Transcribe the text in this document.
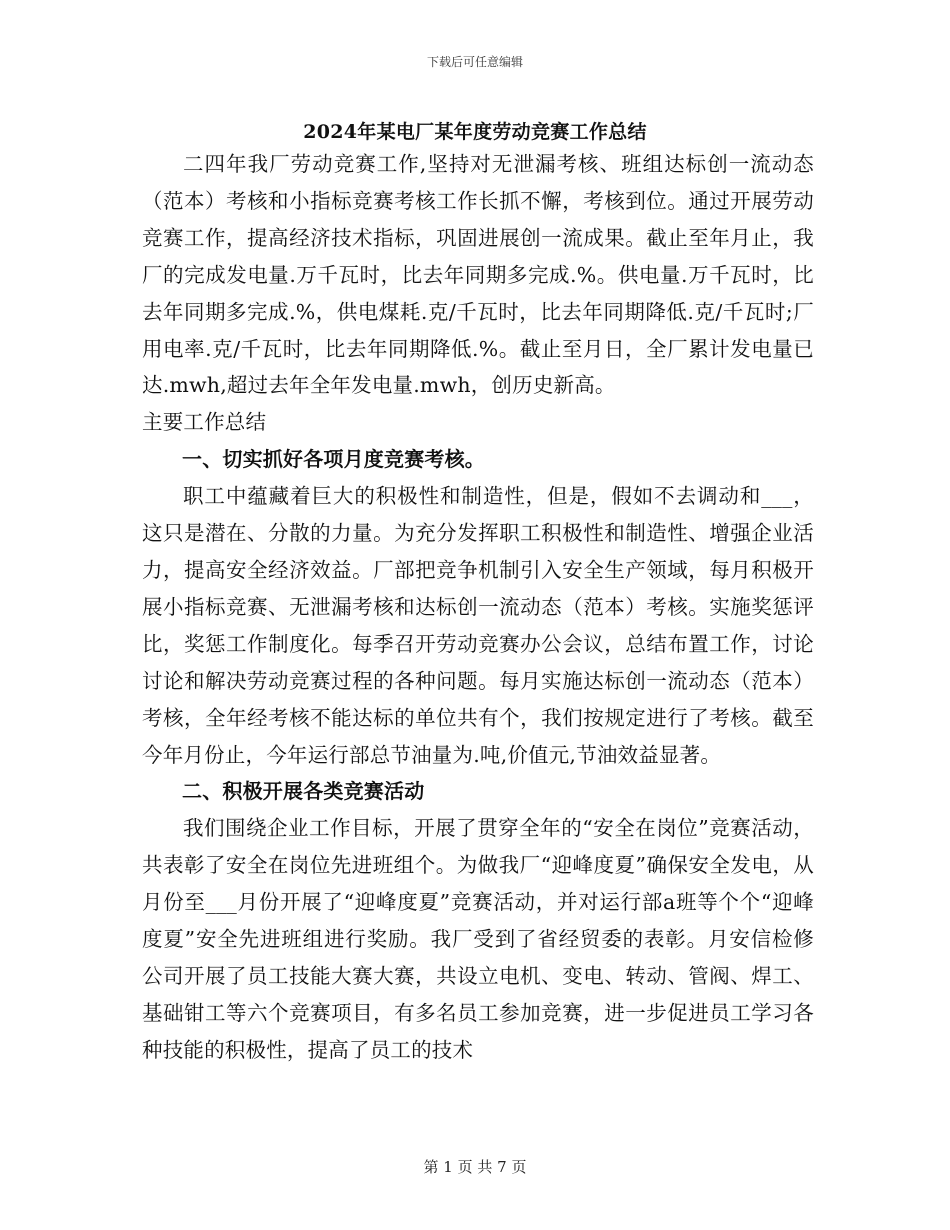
下载后可任意编辑
2024年某电厂某年度劳动竞赛工作总结

二四年我厂劳动竞赛工作,坚持对无泄漏考核、班组达标创一流动态（范本）考核和小指标竞赛考核工作长抓不懈，考核到位。通过开展劳动竞赛工作，提高经济技术指标，巩固进展创一流成果。截止至年月止，我厂的完成发电量.万千瓦时，比去年同期多完成.%。供电量.万千瓦时，比去年同期多完成.%，供电煤耗.克/千瓦时，比去年同期降低.克/千瓦时;厂用电率.克/千瓦时，比去年同期降低.%。截止至月日，全厂累计发电量已达.mwh,超过去年全年发电量.mwh，创历史新高。

主要工作总结

一、切实抓好各项月度竞赛考核。

职工中蕴藏着巨大的积极性和制造性，但是，假如不去调动和___，这只是潜在、分散的力量。为充分发挥职工积极性和制造性、增强企业活力，提高安全经济效益。厂部把竞争机制引入安全生产领域，每月积极开展小指标竞赛、无泄漏考核和达标创一流动态（范本）考核。实施奖惩评比，奖惩工作制度化。每季召开劳动竞赛办公会议，总结布置工作，讨论讨论和解决劳动竞赛过程的各种问题。每月实施达标创一流动态（范本）考核，全年经考核不能达标的单位共有个，我们按规定进行了考核。截至今年月份止，今年运行部总节油量为.吨,价值元,节油效益显著。

二、积极开展各类竞赛活动

我们围绕企业工作目标，开展了贯穿全年的“安全在岗位”竞赛活动，共表彰了安全在岗位先进班组个。为做我厂“迎峰度夏”确保安全发电，从月份至___月份开展了“迎峰度夏”竞赛活动，并对运行部a班等个个“迎峰度夏”安全先进班组进行奖励。我厂受到了省经贸委的表彰。月安信检修公司开展了员工技能大赛大赛，共设立电机、变电、转动、管阀、焊工、基础钳工等六个竞赛项目，有多名员工参加竞赛，进一步促进员工学习各种技能的积极性，提高了员工的技术

第 1 页 共 7 页
